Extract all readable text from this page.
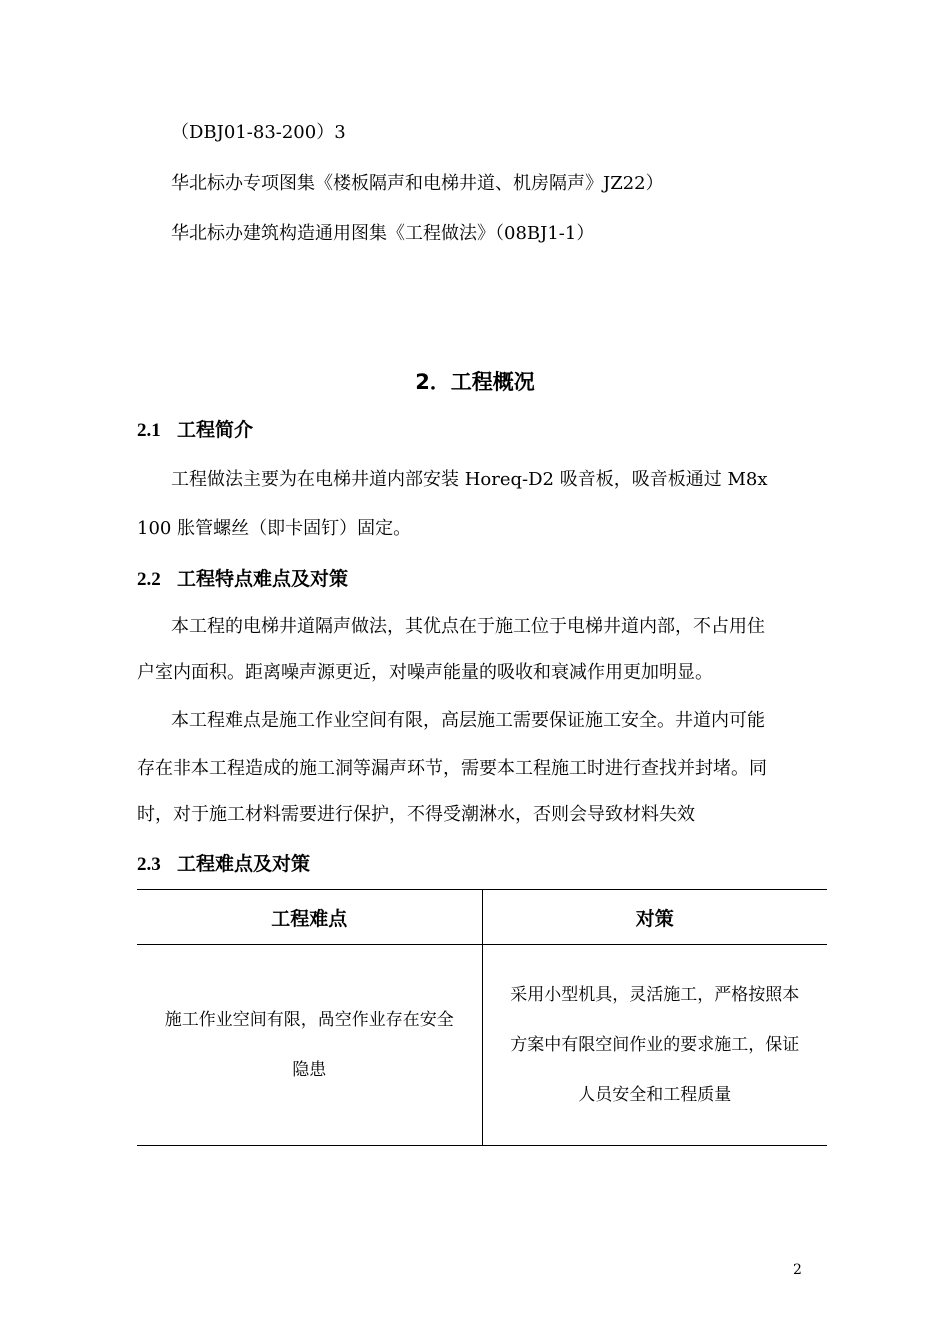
（DBJ01-83-200）3
华北标办专项图集《楼板隔声和电梯井道、机房隔声》JZ22）
华北标办建筑构造通用图集《工程做法》（08BJ1-1）
2．工程概况
2.1 工程简介
工程做法主要为在电梯井道内部安装 Horeq-D2 吸音板，吸音板通过 M8x
100 胀管螺丝（即卡固钉）固定。
2.2 工程特点难点及对策
本工程的电梯井道隔声做法，其优点在于施工位于电梯井道内部，不占用住
户室内面积。距离噪声源更近，对噪声能量的吸收和衰减作用更加明显。
本工程难点是施工作业空间有限，高层施工需要保证施工安全。井道内可能
存在非本工程造成的施工洞等漏声环节，需要本工程施工时进行查找并封堵。同
时，对于施工材料需要进行保护，不得受潮淋水，否则会导致材料失效
2.3 工程难点及对策
工程难点	对策

施工作业空间有限，咼空作业存在安全
隐患	采用小型机具，灵活施工，严格按照本
方案中有限空间作业的要求施工，保证
人员安全和工程质量
2
